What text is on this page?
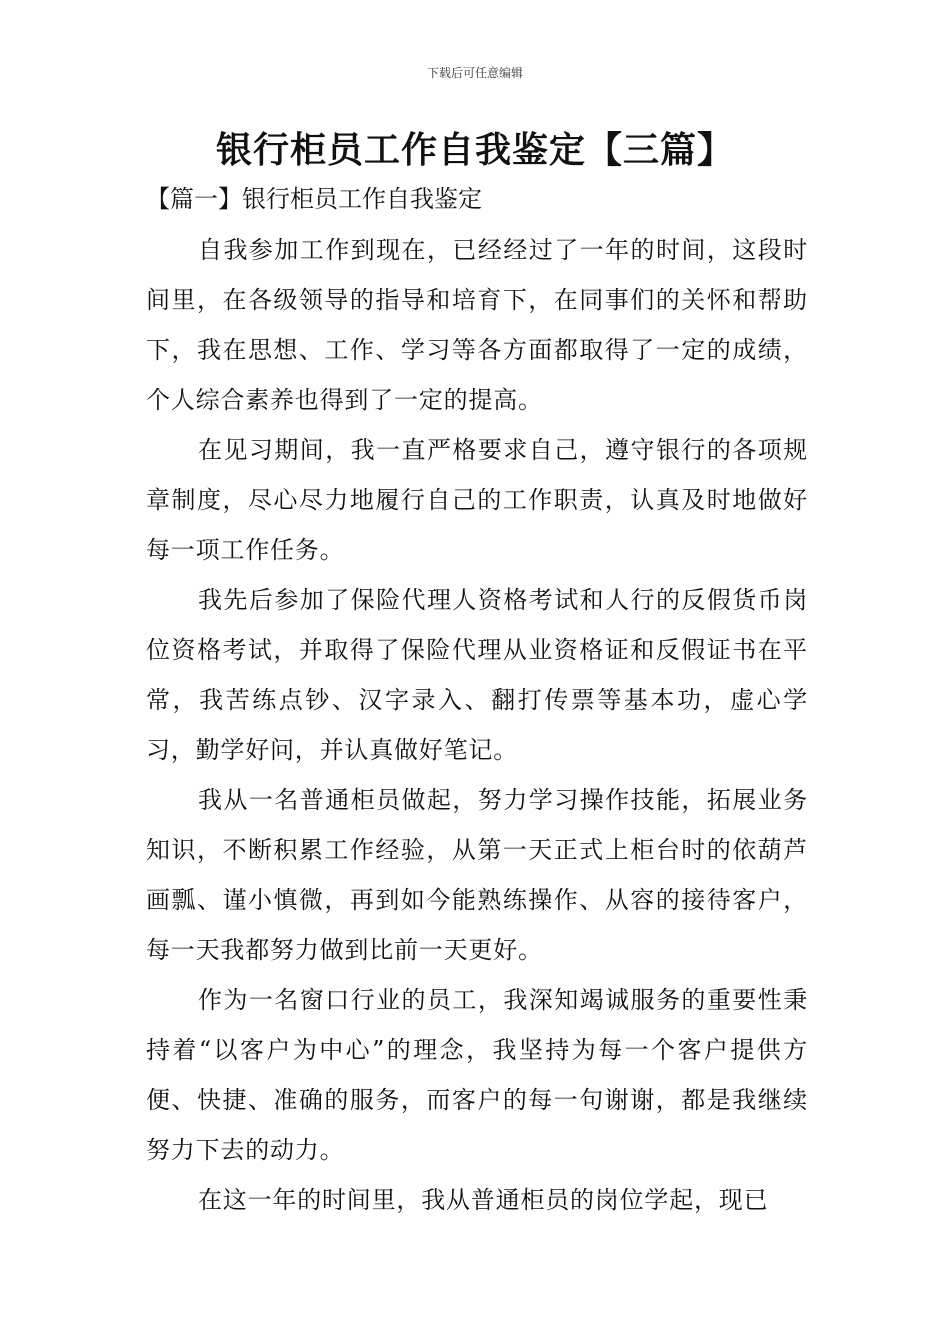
下载后可任意编辑
银行柜员工作自我鉴定【三篇】
【篇一】银行柜员工作自我鉴定

自我参加工作到现在，已经经过了一年的时间，这段时间里，在各级领导的指导和培育下，在同事们的关怀和帮助下，我在思想、工作、学习等各方面都取得了一定的成绩，个人综合素养也得到了一定的提高。

在见习期间，我一直严格要求自己，遵守银行的各项规章制度，尽心尽力地履行自己的工作职责，认真及时地做好每一项工作任务。

我先后参加了保险代理人资格考试和人行的反假货币岗位资格考试，并取得了保险代理从业资格证和反假证书在平常，我苦练点钞、汉字录入、翻打传票等基本功，虚心学习，勤学好问，并认真做好笔记。

我从一名普通柜员做起，努力学习操作技能，拓展业务知识，不断积累工作经验，从第一天正式上柜台时的依葫芦画瓢、谨小慎微，再到如今能熟练操作、从容的接待客户，每一天我都努力做到比前一天更好。

作为一名窗口行业的员工，我深知竭诚服务的重要性秉持着“以客户为中心”的理念，我坚持为每一个客户提供方便、快捷、准确的服务，而客户的每一句谢谢，都是我继续努力下去的动力。

在这一年的时间里，我从普通柜员的岗位学起，现已
